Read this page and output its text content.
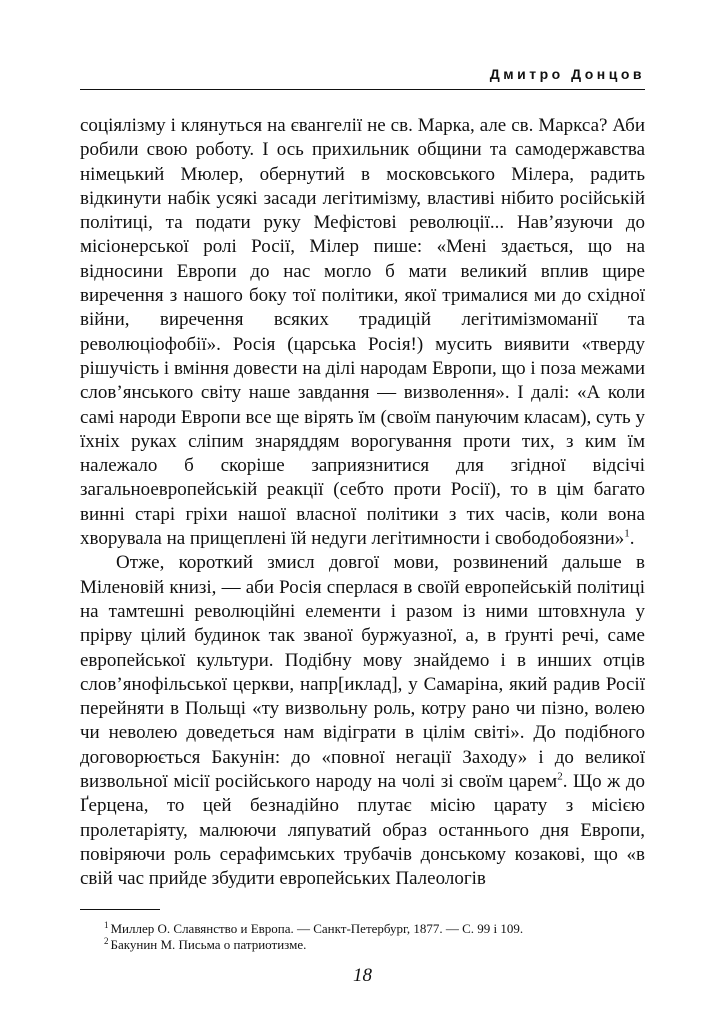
Дмитро Донцов

соціялізму і клянуться на євангелії не св. Марка, але св. Маркса? Аби робили свою роботу. І ось прихильник общини та самодержавства німецький Мюлер, обернутий в московського Мілера, радить відкинути набік усякі засади легітимізму, властиві нібито російській політиці, та подати руку Мефістові революції... Нав’язуючи до місіонерської ролі Росії, Мілер пише: «Мені здається, що на відносини Европи до нас могло б мати великий вплив щире виречення з нашого боку тої політики, якої трималися ми до східної війни, виречення всяких традицій легітимізмоманії та революціофобії». Росія (царська Росія!) мусить виявити «тверду рішучість і вміння довести на ділі народам Европи, що і поза межами слов’янського світу наше завдання — визволення». І далі: «А коли самі народи Европи все ще вірять їм (своїм пануючим класам), суть у їхніх руках сліпим знаряддям ворогування проти тих, з ким їм належало б скоріше заприязнитися для згідної відсічі загальноевропейській реакції (себто проти Росії), то в цім багато винні старі гріхи нашої власної політики з тих часів, коли вона хворувала на прищеплені їй недуги легітимности і свободобоязни»$^1$.

Отже, короткий змисл довгої мови, розвинений дальше в Міленовій книзі, — аби Росія сперлася в своїй европейській політиці на тамтешні революційні елементи і разом із ними штовхнула у прірву цілий будинок так званої буржуазної, а, в ґрунті речі, саме европейської культури. Подібну мову знайдемо і в инших отців слов’янофільської церкви, напр[иклад], у Самаріна, який радив Росії перейняти в Польщі «ту визвольну роль, котру рано чи пізно, волею чи неволею доведеться нам відіграти в цілім світі». До подібного договорюється Бакунін: до «повної негації Заходу» і до великої визвольної місії російського народу на чолі зі своїм царем$^2$. Що ж до Ґерцена, то цей безнадійно плутає місію царату з місією пролетаріяту, малюючи ляпуватий образ останнього дня Европи, повіряючи роль серафимських трубачів донському козакові, що «в свій час прийде збудити европейських Палеологів

$^1$ Миллер О. Славянство и Европа. — Санкт-Петербург, 1877. — С. 99 і 109.

$^2$ Бакунин М. Письма о патриотизме.

18
